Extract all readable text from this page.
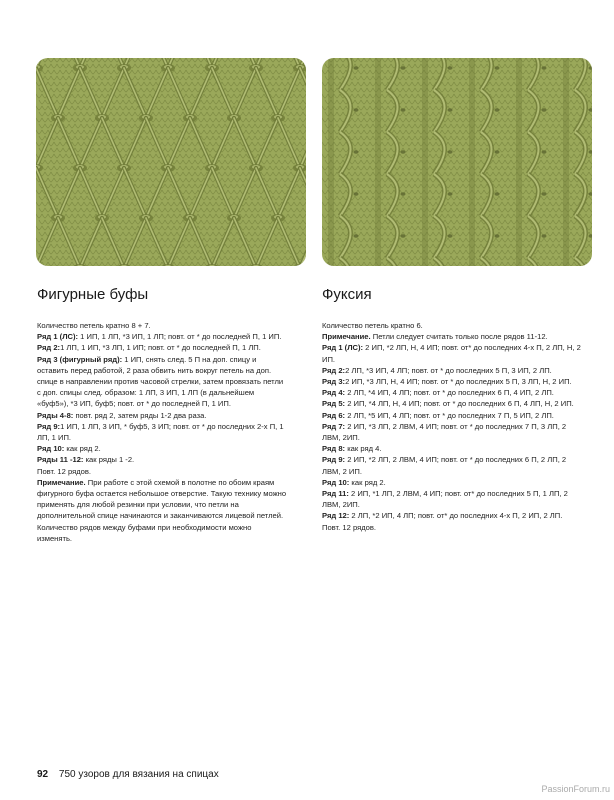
Фигурные буфы	Фуксия

Количество петель кратно 8 + 7.

Ряд 1 (ЛС): 1 ИП, 1 ЛП, *3 ИП, 1 ЛП; повт. от * до последней П, 1 ИП.

Ряд 2:1 ЛП, 1 ИП, *3 ЛП, 1 ИП; повт. от * до последней П, 1 ЛП.

Ряд 3 (фигурный ряд): 1 ИП, снять след. 5 П на доп. спицу и оставить перед работой, 2 раза обвить нить вокруг петель на доп. спице в направлении против часовой стрелки, затем провязать петли с доп. спицы след. образом: 1 ЛП, 3 ИП, 1 ЛП (в дальнейшем «буф5»), *3 ИП, буф5; повт. от * до последней П, 1 ИП.

Ряды 4-8: повт. ряд 2, затем ряды 1-2 два раза.

Ряд 9:1 ИП, 1 ЛП, 3 ИП, * буф5, 3 ИП; повт. от * до последних 2-х П, 1 ЛП, 1 ИП.

Ряд 10: как ряд 2.

Ряды 11 -12: как ряды 1 -2.

Повт. 12 рядов.

Примечание. При работе с этой схемой в полотне по обоим краям фигурного буфа остается небольшое отверстие. Такую технику можно применять для любой резинки при условии, что петли на дополнительной спице начинаются и заканчиваются лицевой петлей. Количество рядов между буфами при необходимости можно изменять.

Количество петель кратно 6.

Примечание. Петли следует считать только после рядов 11-12.

Ряд 1 (ЛС): 2 ИП, *2 ЛП, Н, 4 ИП; повт. от* до последних 4-х П, 2 ЛП, Н, 2 ИП.

Ряд 2:2 ЛП, *3 ИП, 4 ЛП; повт. от * до последних 5 П, 3 ИП, 2 ЛП.

Ряд 3:2 ИП, *3 ЛП, Н, 4 ИП; повт. от * до последних 5 П, 3 ЛП, Н, 2 ИП.

Ряд 4: 2 ЛП, *4 ИП, 4 ЛП; повт. от * до последних 6 П, 4 ИП, 2 ЛП.

Ряд 5: 2 ИП, *4 ЛП, Н, 4 ИП; повт. от * до последних 6 П, 4 ЛП, Н, 2 ИП.

Ряд 6: 2 ЛП, *5 ИП, 4 ЛП; повт. от * до последних 7 П, 5 ИП, 2 ЛП.

Ряд 7: 2 ИП, *3 ЛП, 2 ЛВМ, 4 ИП; повт. от * до последних 7 П, 3 ЛП, 2 ЛВМ, 2ИП.

Ряд 8: как ряд 4.

Ряд 9: 2 ИП, *2 ЛП, 2 ЛВМ, 4 ИП; повт. от * до последних 6 П, 2 ЛП, 2 ЛВМ, 2 ИП.

Ряд 10: как ряд 2.

Ряд 11: 2 ИП, *1 ЛП, 2 ЛВМ, 4 ИП; повт. от* до последних 5 П, 1 ЛП, 2 ЛВМ, 2ИП.

Ряд 12: 2 ЛП, *2 ИП, 4 ЛП; повт. от* до последних 4-х П, 2 ИП, 2 ЛП.

Повт. 12 рядов.

92 750 узоров для вязания на спицах
PassionForum.ru
